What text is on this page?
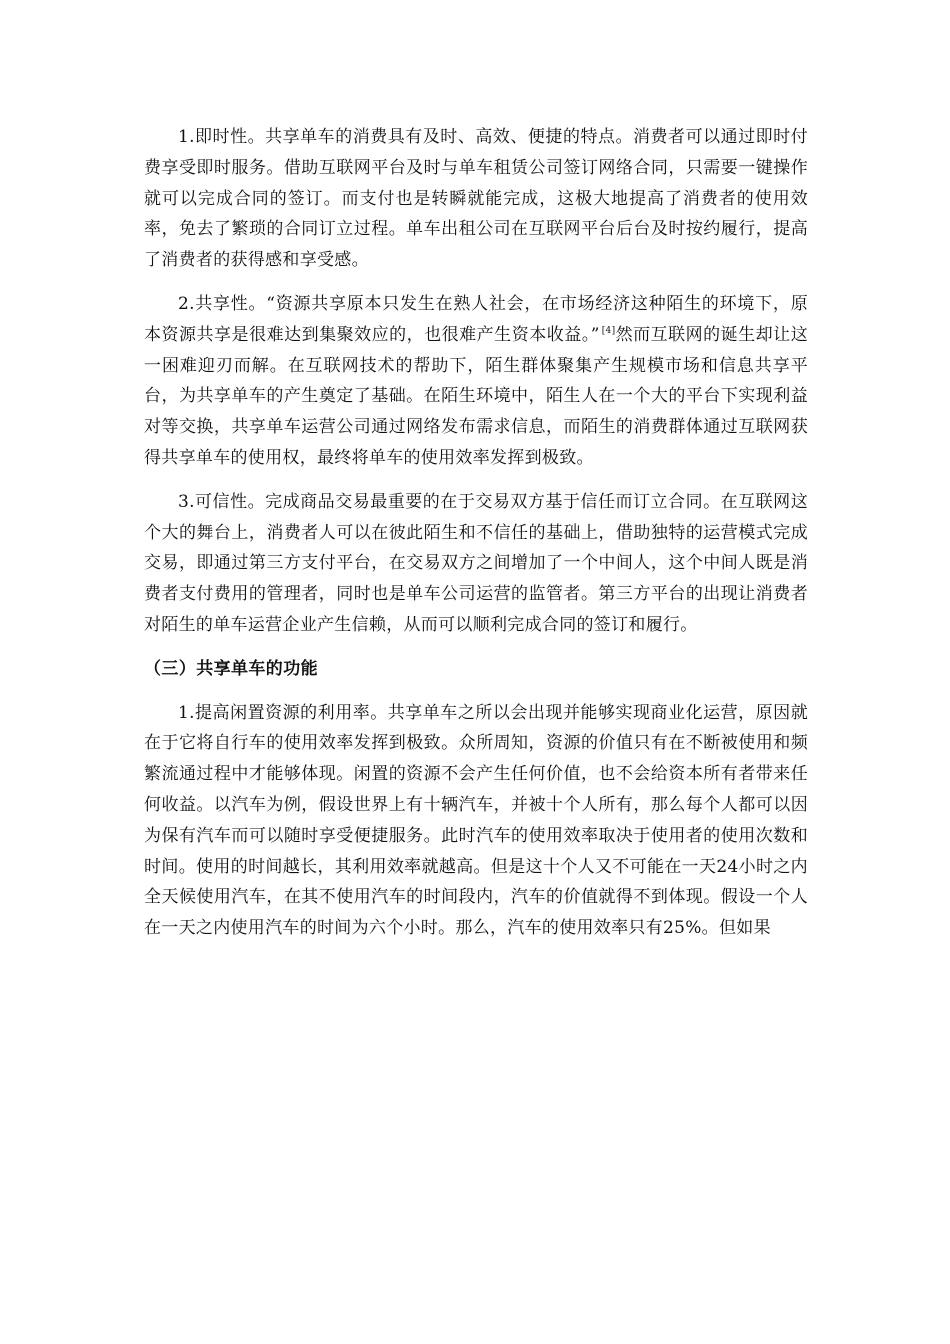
1.即时性。共享单车的消费具有及时、高效、便捷的特点。消费者可以通过即时付费享受即时服务。借助互联网平台及时与单车租赁公司签订网络合同，只需要一键操作就可以完成合同的签订。而支付也是转瞬就能完成，这极大地提高了消费者的使用效率，免去了繁琐的合同订立过程。单车出租公司在互联网平台后台及时按约履行，提高了消费者的获得感和享受感。

2.共享性。“资源共享原本只发生在熟人社会，在市场经济这种陌生的环境下，原本资源共享是很难达到集聚效应的，也很难产生资本收益。” [4]然而互联网的诞生却让这一困难迎刃而解。在互联网技术的帮助下，陌生群体聚集产生规模市场和信息共享平台，为共享单车的产生奠定了基础。在陌生环境中，陌生人在一个大的平台下实现利益对等交换，共享单车运营公司通过网络发布需求信息，而陌生的消费群体通过互联网获得共享单车的使用权，最终将单车的使用效率发挥到极致。

3.可信性。完成商品交易最重要的在于交易双方基于信任而订立合同。在互联网这个大的舞台上，消费者人可以在彼此陌生和不信任的基础上，借助独特的运营模式完成交易，即通过第三方支付平台，在交易双方之间增加了一个中间人，这个中间人既是消费者支付费用的管理者，同时也是单车公司运营的监管者。第三方平台的出现让消费者对陌生的单车运营企业产生信赖，从而可以顺利完成合同的签订和履行。

（三）共享单车的功能

1.提高闲置资源的利用率。共享单车之所以会出现并能够实现商业化运营，原因就在于它将自行车的使用效率发挥到极致。众所周知，资源的价值只有在不断被使用和频繁流通过程中才能够体现。闲置的资源不会产生任何价值，也不会给资本所有者带来任何收益。以汽车为例，假设世界上有十辆汽车，并被十个人所有，那么每个人都可以因为保有汽车而可以随时享受便捷服务。此时汽车的使用效率取决于使用者的使用次数和时间。使用的时间越长，其利用效率就越高。但是这十个人又不可能在一天24小时之内全天候使用汽车，在其不使用汽车的时间段内，汽车的价值就得不到体现。假设一个人在一天之内使用汽车的时间为六个小时。那么，汽车的使用效率只有25%。但如果
